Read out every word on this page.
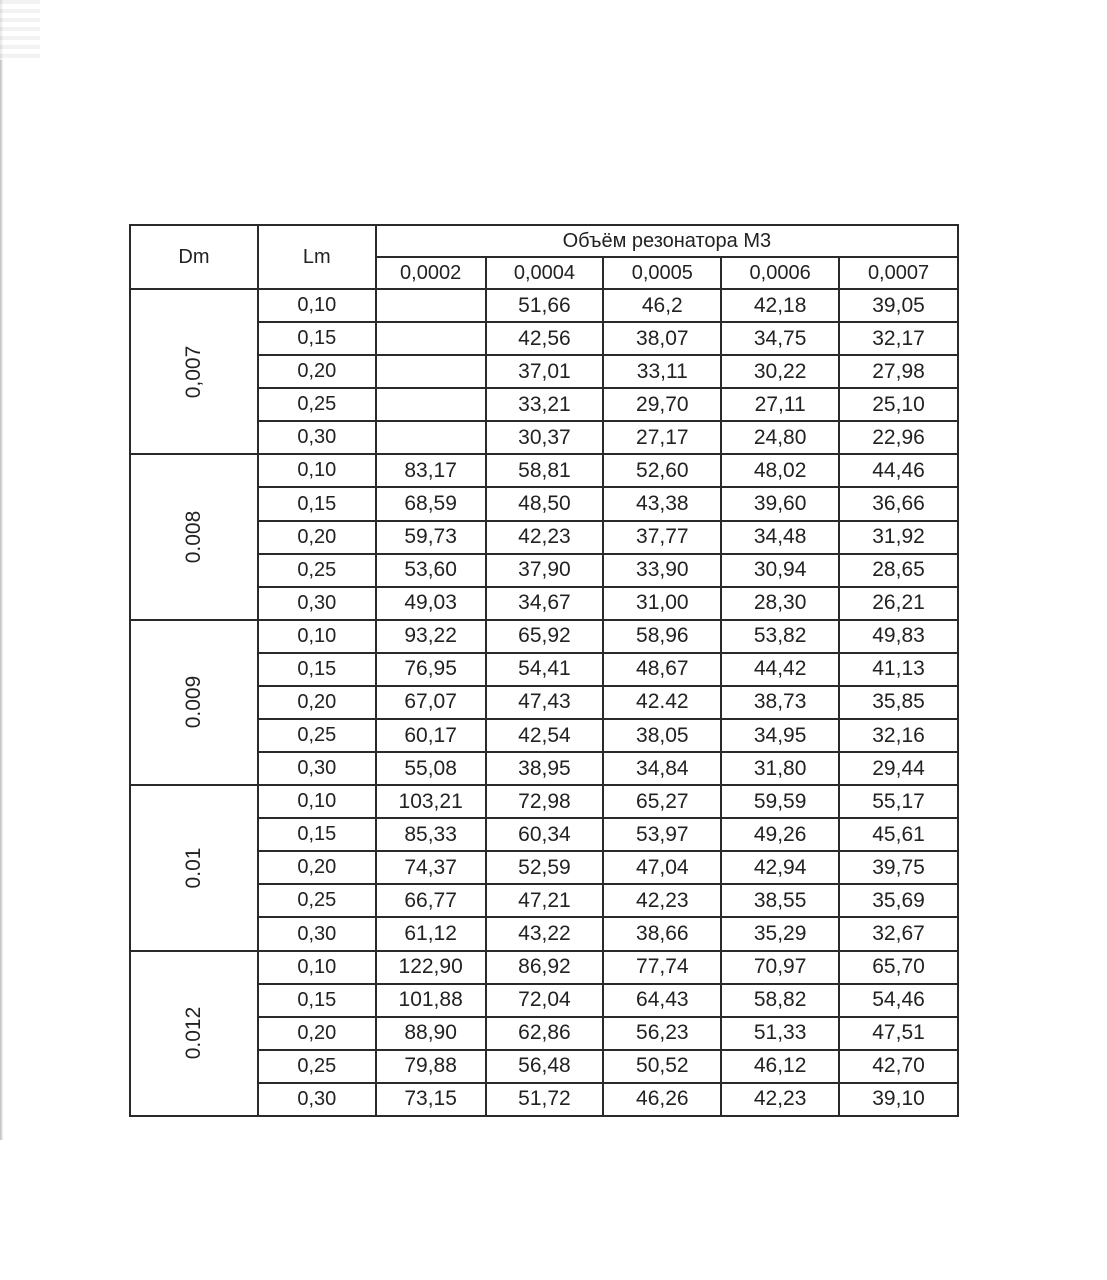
Dm	Lm	Объём резонатора М3				
		0,0002	0,0004	0,0005	0,0006	0,0007

0,007	0,10		51,66	46,2	42,18	39,05
	0,15		42,56	38,07	34,75	32,17
	0,20		37,01	33,11	30,22	27,98
	0,25		33,21	29,70	27,11	25,10
	0,30		30,37	27,17	24,80	22,96

0.008	0,10	83,17	58,81	52,60	48,02	44,46
	0,15	68,59	48,50	43,38	39,60	36,66
	0,20	59,73	42,23	37,77	34,48	31,92
	0,25	53,60	37,90	33,90	30,94	28,65
	0,30	49,03	34,67	31,00	28,30	26,21

0.009	0,10	93,22	65,92	58,96	53,82	49,83
	0,15	76,95	54,41	48,67	44,42	41,13
	0,20	67,07	47,43	42.42	38,73	35,85
	0,25	60,17	42,54	38,05	34,95	32,16
	0,30	55,08	38,95	34,84	31,80	29,44

0.01	0,10	103,21	72,98	65,27	59,59	55,17
	0,15	85,33	60,34	53,97	49,26	45,61
	0,20	74,37	52,59	47,04	42,94	39,75
	0,25	66,77	47,21	42,23	38,55	35,69
	0,30	61,12	43,22	38,66	35,29	32,67

0.012	0,10	122,90	86,92	77,74	70,97	65,70
	0,15	101,88	72,04	64,43	58,82	54,46
	0,20	88,90	62,86	56,23	51,33	47,51
	0,25	79,88	56,48	50,52	46,12	42,70
	0,30	73,15	51,72	46,26	42,23	39,10
